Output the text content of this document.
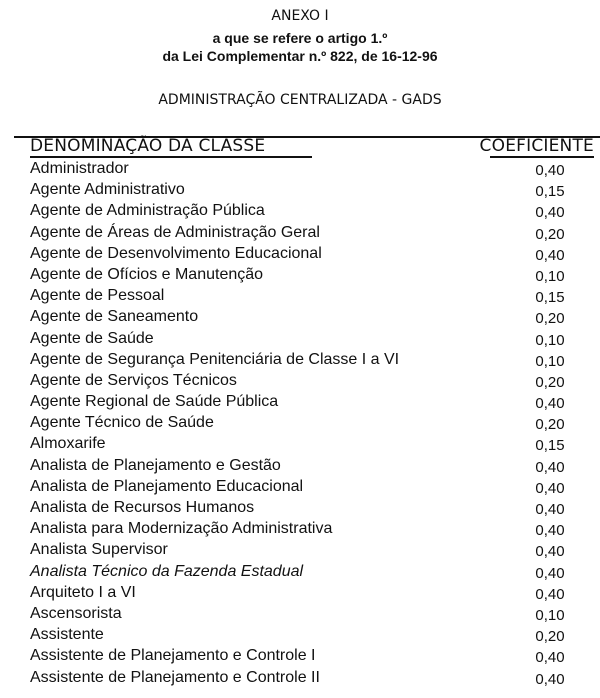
ANEXO I
a que se refere o artigo 1.º
da Lei Complementar n.º 822, de 16-12-96
ADMINISTRAÇÃO CENTRALIZADA - GADS
DENOMINAÇÃO DA CLASSE	COEFICIENTE
Administrador	0,40
Agente Administrativo	0,15
Agente de Administração Pública	0,40
Agente de Áreas de Administração Geral	0,20
Agente de Desenvolvimento Educacional	0,40
Agente de Ofícios e Manutenção	0,10
Agente de Pessoal	0,15
Agente de Saneamento	0,20
Agente de Saúde	0,10
Agente de Segurança Penitenciária de Classe I a VI	0,10
Agente de Serviços Técnicos	0,20
Agente Regional de Saúde Pública	0,40
Agente Técnico de Saúde	0,20
Almoxarife	0,15
Analista de Planejamento e Gestão	0,40
Analista de Planejamento Educacional	0,40
Analista de Recursos Humanos	0,40
Analista para Modernização Administrativa	0,40
Analista Supervisor	0,40
Analista Técnico da Fazenda Estadual	0,40
Arquiteto I a VI	0,40
Ascensorista	0,10
Assistente	0,20
Assistente de Planejamento e Controle I	0,40
Assistente de Planejamento e Controle II	0,40
